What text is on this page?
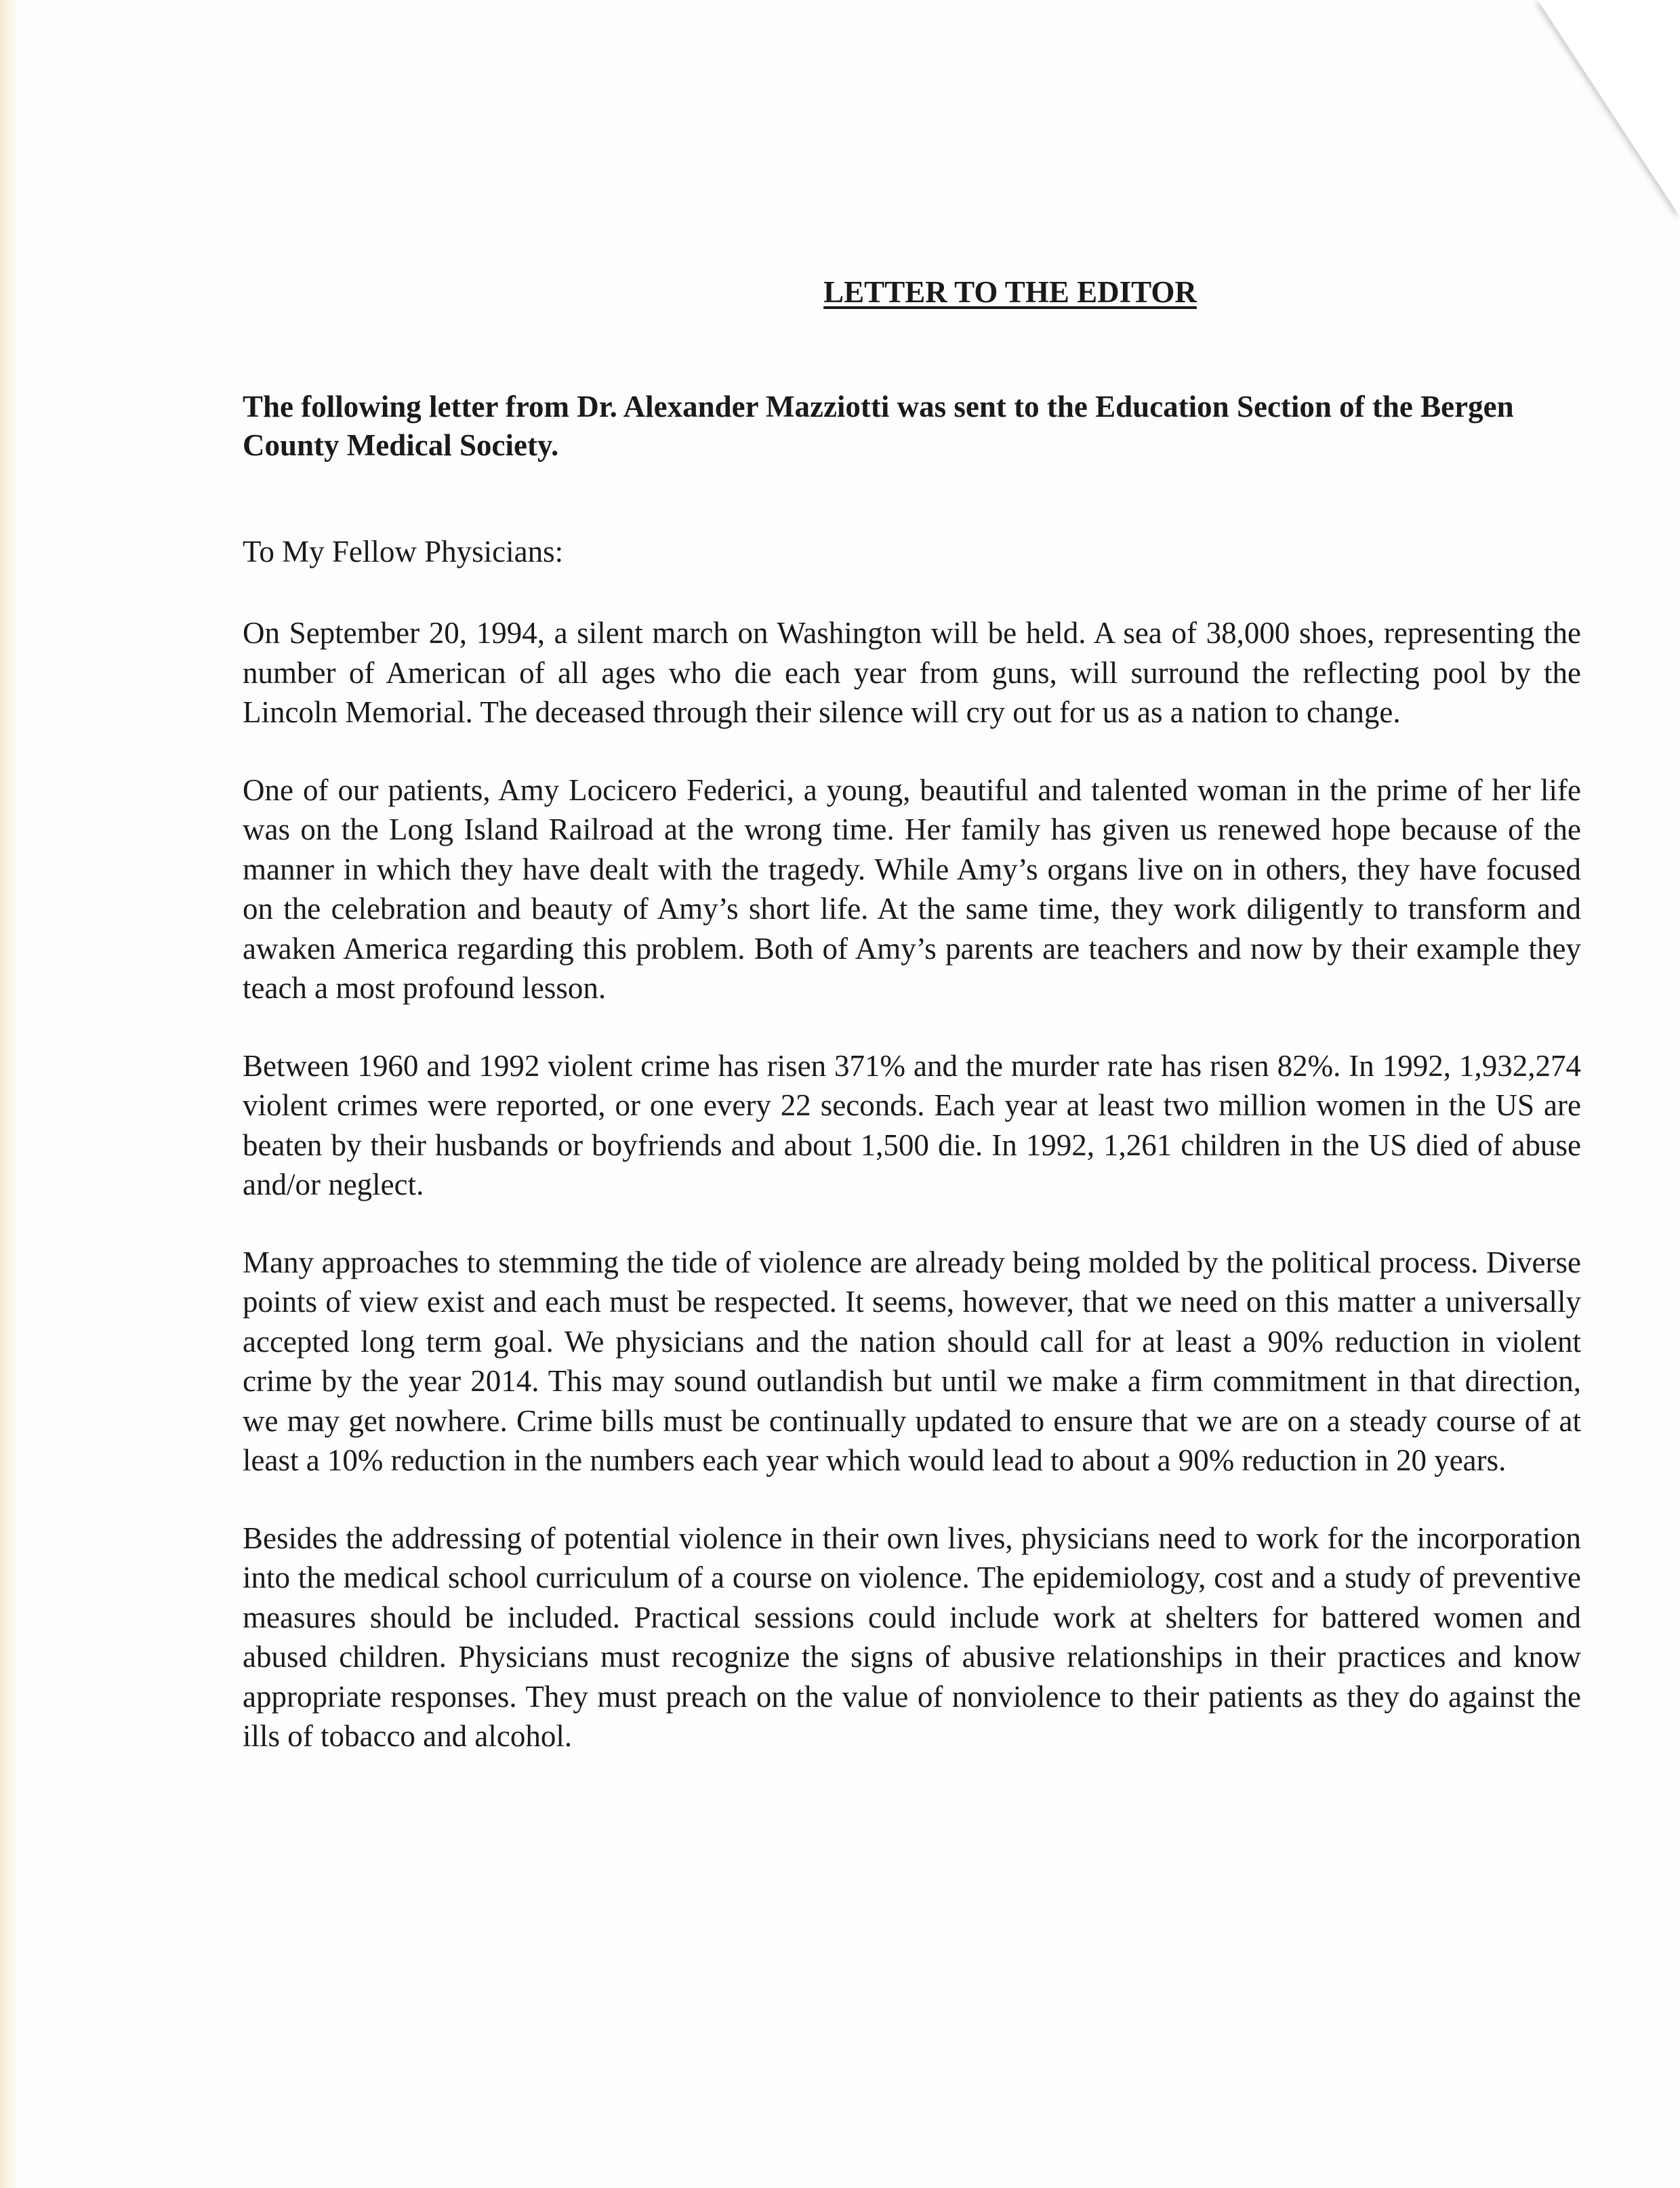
LETTER TO THE EDITOR
The following letter from Dr. Alexander Mazziotti was sent to the Education Section of the Bergen County Medical Society.
To My Fellow Physicians:

On September 20, 1994, a silent march on Washington will be held. A sea of 38,000 shoes, representing the number of American of all ages who die each year from guns, will surround the reflecting pool by the Lincoln Memorial. The deceased through their silence will cry out for us as a nation to change.

One of our patients, Amy Locicero Federici, a young, beautiful and talented woman in the prime of her life was on the Long Island Railroad at the wrong time. Her family has given us renewed hope because of the manner in which they have dealt with the tragedy. While Amy’s organs live on in others, they have focused on the celebration and beauty of Amy’s short life. At the same time, they work diligently to transform and awaken America regarding this problem. Both of Amy’s parents are teachers and now by their example they teach a most profound lesson.

Between 1960 and 1992 violent crime has risen 371% and the murder rate has risen 82%. In 1992, 1,932,274 violent crimes were reported, or one every 22 seconds. Each year at least two million women in the US are beaten by their husbands or boyfriends and about 1,500 die. In 1992, 1,261 children in the US died of abuse and/or neglect.

Many approaches to stemming the tide of violence are already being molded by the political process. Diverse points of view exist and each must be respected. It seems, however, that we need on this matter a universally accepted long term goal. We physicians and the nation should call for at least a 90% reduction in violent crime by the year 2014. This may sound outlandish but until we make a firm commitment in that direction, we may get nowhere. Crime bills must be continually updated to ensure that we are on a steady course of at least a 10% reduction in the numbers each year which would lead to about a 90% reduction in 20 years.

Besides the addressing of potential violence in their own lives, physicians need to work for the incorporation into the medical school curriculum of a course on violence. The epidemiology, cost and a study of preventive measures should be included. Practical sessions could include work at shelters for battered women and abused children. Physicians must recognize the signs of abusive relationships in their practices and know appropriate responses. They must preach on the value of nonviolence to their patients as they do against the ills of tobacco and alcohol.
